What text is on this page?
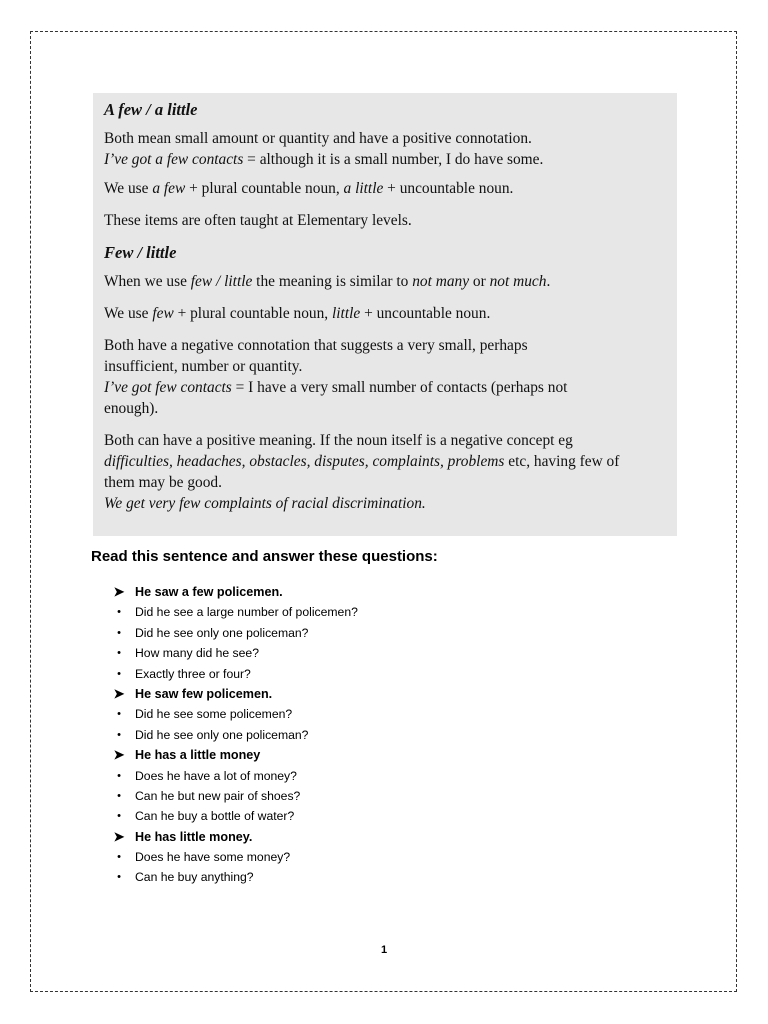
A few / a little

Both mean small amount or quantity and have a positive connotation.
I’ve got a few contacts = although it is a small number, I do have some.

We use a few + plural countable noun, a little + uncountable noun.

These items are often taught at Elementary levels.

Few / little

When we use few / little the meaning is similar to not many or not much.

We use few + plural countable noun, little + uncountable noun.

Both have a negative connotation that suggests a very small, perhaps
insufficient, number or quantity.
I’ve got few contacts = I have a very small number of contacts (perhaps not
enough).

Both can have a positive meaning. If the noun itself is a negative concept eg
difficulties, headaches, obstacles, disputes, complaints, problems etc, having few of
them may be good.
We get very few complaints of racial discrimination.

Read this sentence and answer these questions:
➤ He saw a few policemen.
•	Did he see a large number of policemen?
•	Did he see only one policeman?
•	How many did he see?
•	Exactly three or four?
➤ He saw few policemen.
•	Did he see some policemen?
•	Did he see only one policeman?
➤ He has a little money
•	Does he have a lot of money?
•	Can he but new pair of shoes?
•	Can he buy a bottle of water?
➤ He has little money.
•	Does he have some money?
•	Can he buy anything?
1
